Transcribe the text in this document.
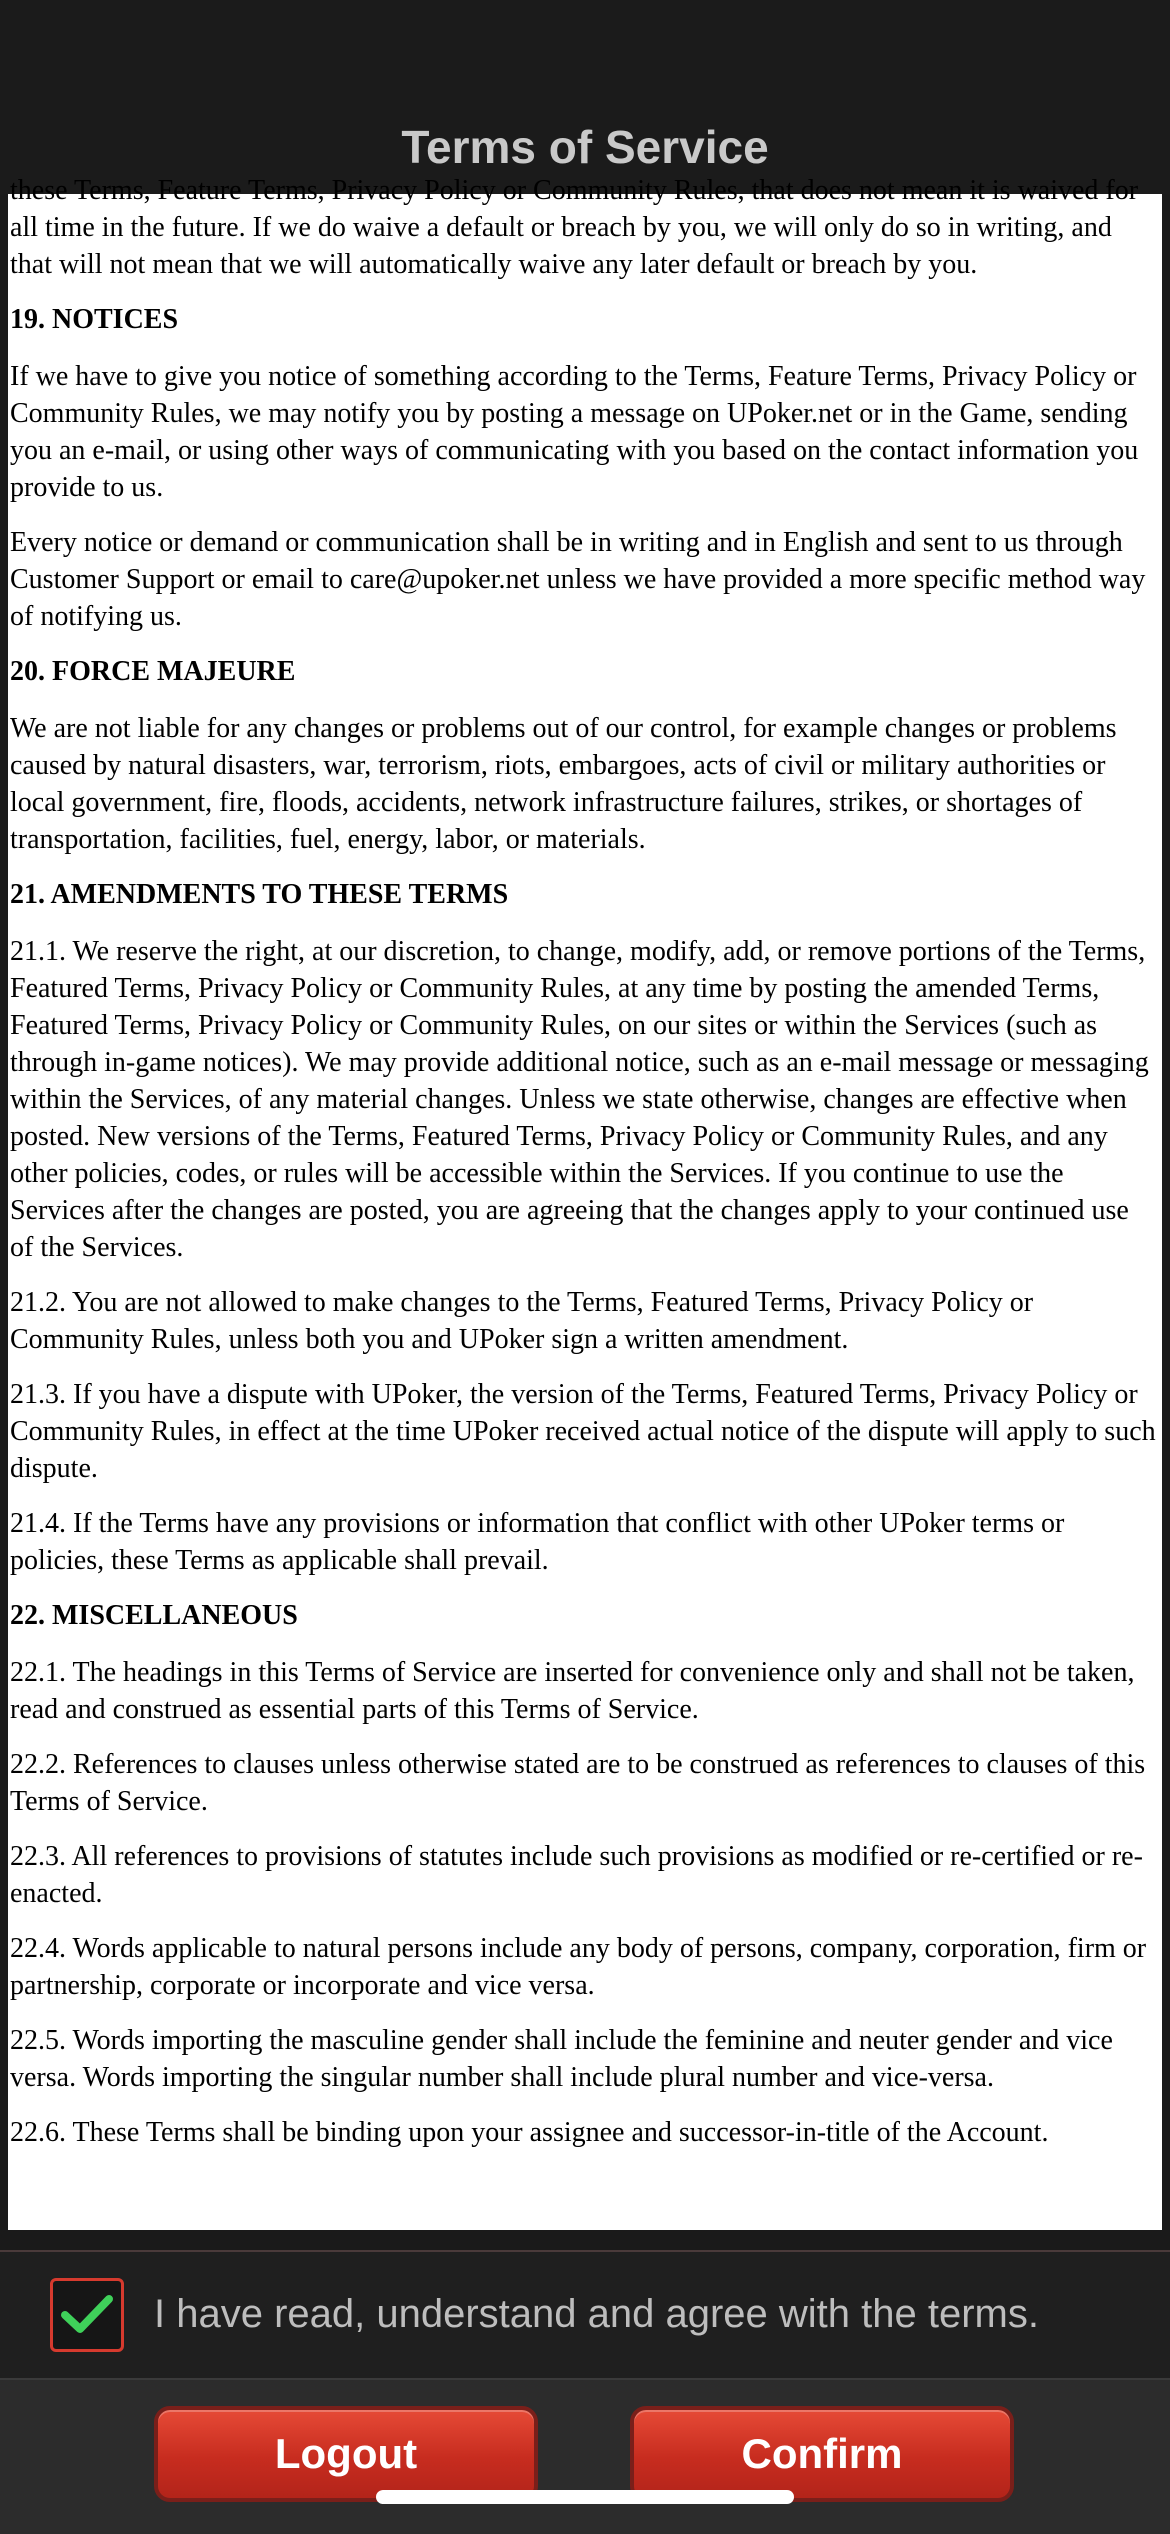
Terms of Service

these Terms, Feature Terms, Privacy Policy or Community Rules, that does not mean it is waived for all time in the future. If we do waive a default or breach by you, we will only do so in writing, and that will not mean that we will automatically waive any later default or breach by you.

19. NOTICES

If we have to give you notice of something according to the Terms, Feature Terms, Privacy Policy or Community Rules, we may notify you by posting a message on UPoker.net or in the Game, sending you an e-mail, or using other ways of communicating with you based on the contact information you provide to us.

Every notice or demand or communication shall be in writing and in English and sent to us through Customer Support or email to care@upoker.net unless we have provided a more specific method way of notifying us.

20. FORCE MAJEURE

We are not liable for any changes or problems out of our control, for example changes or problems caused by natural disasters, war, terrorism, riots, embargoes, acts of civil or military authorities or local government, fire, floods, accidents, network infrastructure failures, strikes, or shortages of transportation, facilities, fuel, energy, labor, or materials.

21. AMENDMENTS TO THESE TERMS

21.1. We reserve the right, at our discretion, to change, modify, add, or remove portions of the Terms, Featured Terms, Privacy Policy or Community Rules, at any time by posting the amended Terms, Featured Terms, Privacy Policy or Community Rules, on our sites or within the Services (such as through in-game notices). We may provide additional notice, such as an e-mail message or messaging within the Services, of any material changes. Unless we state otherwise, changes are effective when posted. New versions of the Terms, Featured Terms, Privacy Policy or Community Rules, and any other policies, codes, or rules will be accessible within the Services. If you continue to use the Services after the changes are posted, you are agreeing that the changes apply to your continued use of the Services.

21.2. You are not allowed to make changes to the Terms, Featured Terms, Privacy Policy or Community Rules, unless both you and UPoker sign a written amendment.

21.3. If you have a dispute with UPoker, the version of the Terms, Featured Terms, Privacy Policy or Community Rules, in effect at the time UPoker received actual notice of the dispute will apply to such dispute.

21.4. If the Terms have any provisions or information that conflict with other UPoker terms or policies, these Terms as applicable shall prevail.

22. MISCELLANEOUS

22.1. The headings in this Terms of Service are inserted for convenience only and shall not be taken, read and construed as essential parts of this Terms of Service.

22.2. References to clauses unless otherwise stated are to be construed as references to clauses of this Terms of Service.

22.3. All references to provisions of statutes include such provisions as modified or re-certified or re-enacted.

22.4. Words applicable to natural persons include any body of persons, company, corporation, firm or partnership, corporate or incorporate and vice versa.

22.5. Words importing the masculine gender shall include the feminine and neuter gender and vice versa. Words importing the singular number shall include plural number and vice-versa.

22.6. These Terms shall be binding upon your assignee and successor-in-title of the Account.

I have read, understand and agree with the terms.
Logout	Confirm
